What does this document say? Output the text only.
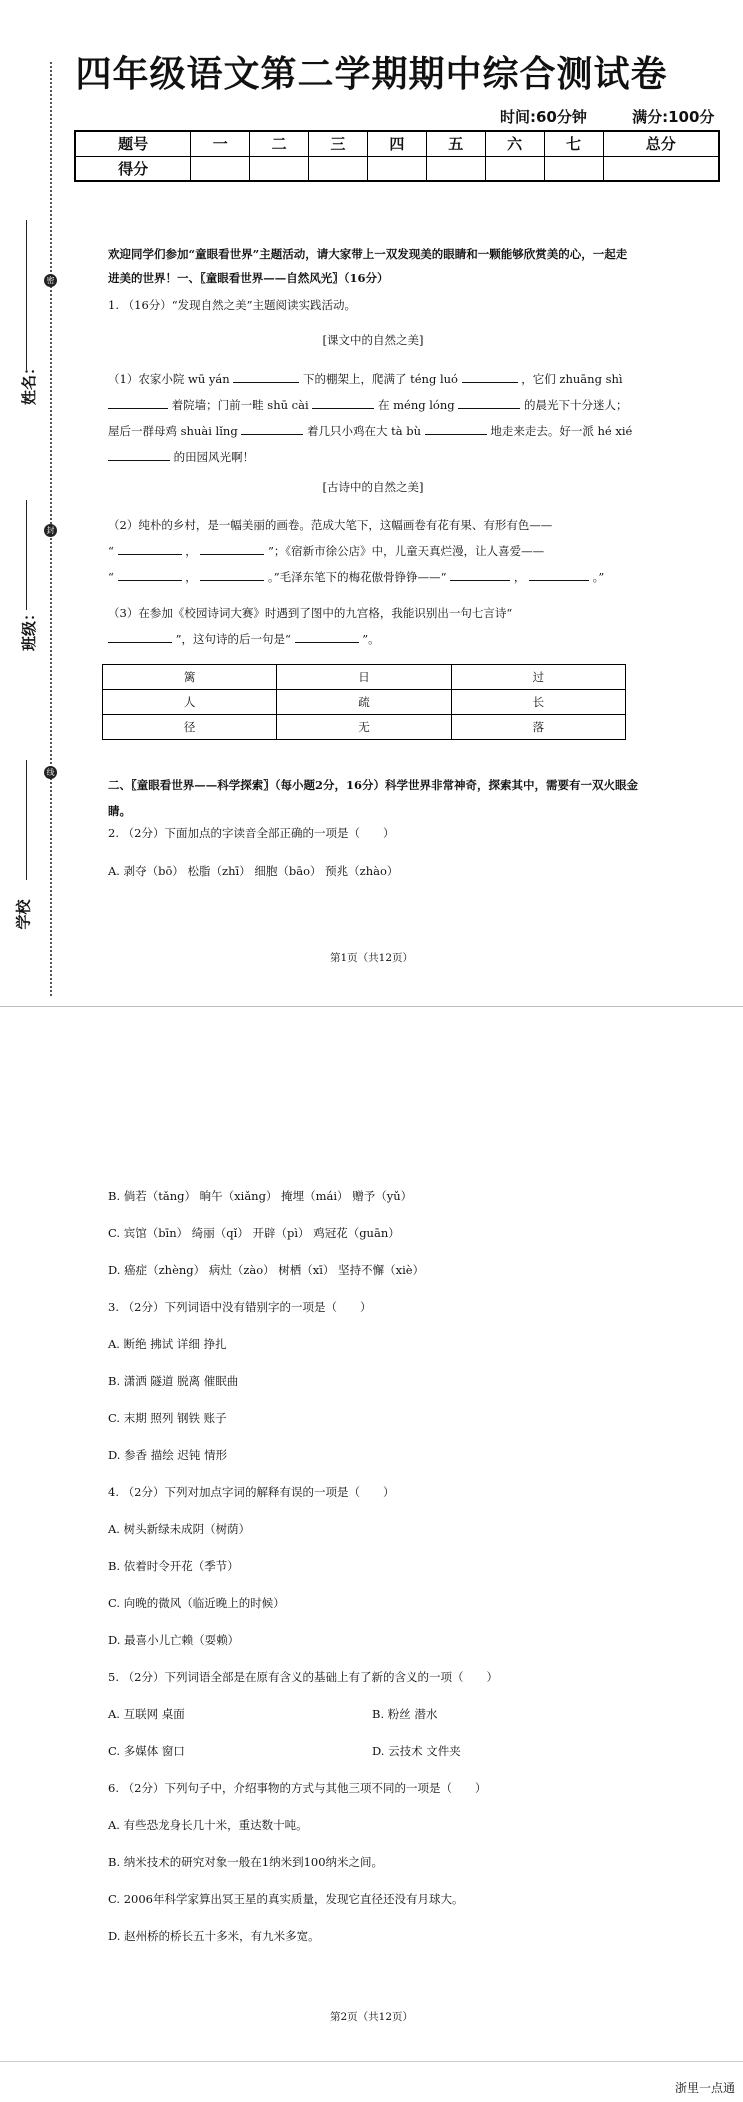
姓名：
密
班级：
封
学校
线
四年级语文第二学期期中综合测试卷
时间:60分钟	满分:100分
题号	一	二	三	四	五	六	七	总分
得分								
欢迎同学们参加“童眼看世界”主题活动，请大家带上一双发现美的眼睛和一颗能够欣赏美的心，一起走进美的世界！一、〖童眼看世界——自然风光〗（16分）
1. （16分）“发现自然之美”主题阅读实践活动。
[课文中的自然之美]
（1）农家小院 wū yán	下的棚架上，爬满了 téng luó	，它们 zhuāng shì  着院墙；门前一畦 shū cài	在 méng lóng	的晨光下十分迷人；屋后一群母鸡 shuài lǐng	着几只小鸡在大 tà bù	地走来走去。好一派 hé xié  的田园风光啊！
[古诗中的自然之美]
（2）纯朴的乡村，是一幅美丽的画卷。范成大笔下，这幅画卷有花有果、有形有色——
“	，	”；《宿新市徐公店》中，儿童天真烂漫，让人喜爱——
“	，	。”毛泽东笔下的梅花傲骨铮铮——“	，	。”
（3）在参加《校园诗词大赛》时遇到了图中的九宫格，我能识别出一句七言诗“
”，这句诗的后一句是“	”。
篱	日	过
人	疏	长
径	无	落
二、〖童眼看世界——科学探索〗（每小题2分，16分）科学世界非常神奇，探索其中，需要有一双火眼金睛。
2. （2分）下面加点的字读音全部正确的一项是（　　）
A. 剥夺（bō） 松脂（zhī） 细胞（bāo） 预兆（zhào）
第1页（共12页）
B. 倘若（tǎng） 晌午（xiǎng） 掩埋（mái） 赠予（yǔ）
C. 宾馆（bīn） 绮丽（qǐ） 开辟（pì） 鸡冠花（guān）
D. 癌症（zhèng） 病灶（zào） 树栖（xī） 坚持不懈（xiè）
3. （2分）下列词语中没有错别字的一项是（　　）
A. 断绝 拂试 详细 挣扎
B. 潇洒 隧道 脱离 催眠曲
C. 末期 照列 钢铁 账子
D. 参香 描绘 迟钝 情形
4. （2分）下列对加点字词的解释有误的一项是（　　）
A. 树头新绿未成阴（树荫）
B. 依着时令开花（季节）
C. 向晚的微风（临近晚上的时候）
D. 最喜小儿亡赖（耍赖）
5. （2分）下列词语全部是在原有含义的基础上有了新的含义的一项（　　）
A. 互联网 桌面	B. 粉丝 潜水
C. 多媒体 窗口	D. 云技术 文件夹
6. （2分）下列句子中，介绍事物的方式与其他三项不同的一项是（　　）
A. 有些恐龙身长几十米，重达数十吨。
B. 纳米技术的研究对象一般在1纳米到100纳米之间。
C. 2006年科学家算出冥王星的真实质量，发现它直径还没有月球大。
D. 赵州桥的桥长五十多米，有九米多宽。
第2页（共12页）
浙里一点通
